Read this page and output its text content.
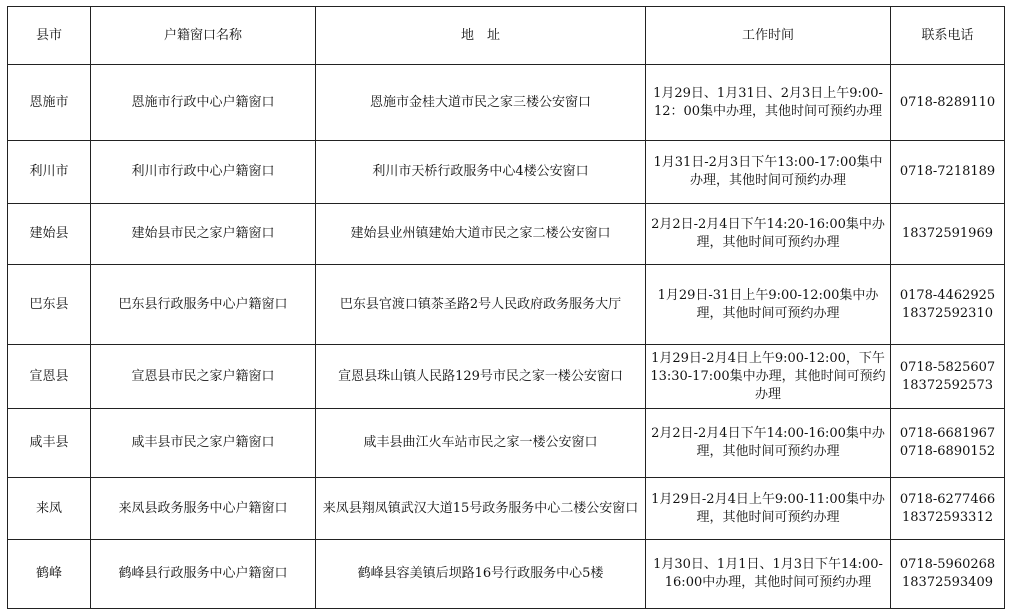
县市	户籍窗口名称	地　址	工作时间	联系电话
恩施市	恩施市行政中心户籍窗口	恩施市金桂大道市民之家三楼公安窗口	1月29日、1月31日、2月3日上午9:00-12：00集中办理，其他时间可预约办理	0718-8289110

利川市	利川市行政中心户籍窗口	利川市天桥行政服务中心4楼公安窗口	1月31日-2月3日下午13:00-17:00集中办理，其他时间可预约办理	0718-7218189

建始县	建始县市民之家户籍窗口	建始县业州镇建始大道市民之家二楼公安窗口	2月2日-2月4日下午14:20-16:00集中办理，其他时间可预约办理	18372591969

巴东县	巴东县行政服务中心户籍窗口	巴东县官渡口镇茶圣路2号人民政府政务服务大厅	1月29日-31日上午9:00-12:00集中办理，其他时间可预约办理	0178-4462925
18372592310

宣恩县	宣恩县市民之家户籍窗口	宣恩县珠山镇人民路129号市民之家一楼公安窗口	1月29日-2月4日上午9:00-12:00，下午13:30-17:00集中办理，其他时间可预约办理	0718-5825607
18372592573

咸丰县	咸丰县市民之家户籍窗口	咸丰县曲江火车站市民之家一楼公安窗口	2月2日-2月4日下午14:00-16:00集中办理，其他时间可预约办理	0718-6681967
0718-6890152

来凤	来凤县政务服务中心户籍窗口	来凤县翔凤镇武汉大道15号政务服务中心二楼公安窗口	1月29日-2月4日上午9:00-11:00集中办理，其他时间可预约办理	0718-6277466
18372593312

鹤峰	鹤峰县行政服务中心户籍窗口	鹤峰县容美镇后坝路16号行政服务中心5楼	1月30日、1月1日、1月3日下午14:00-16:00中办理，其他时间可预约办理	0718-5960268
18372593409
